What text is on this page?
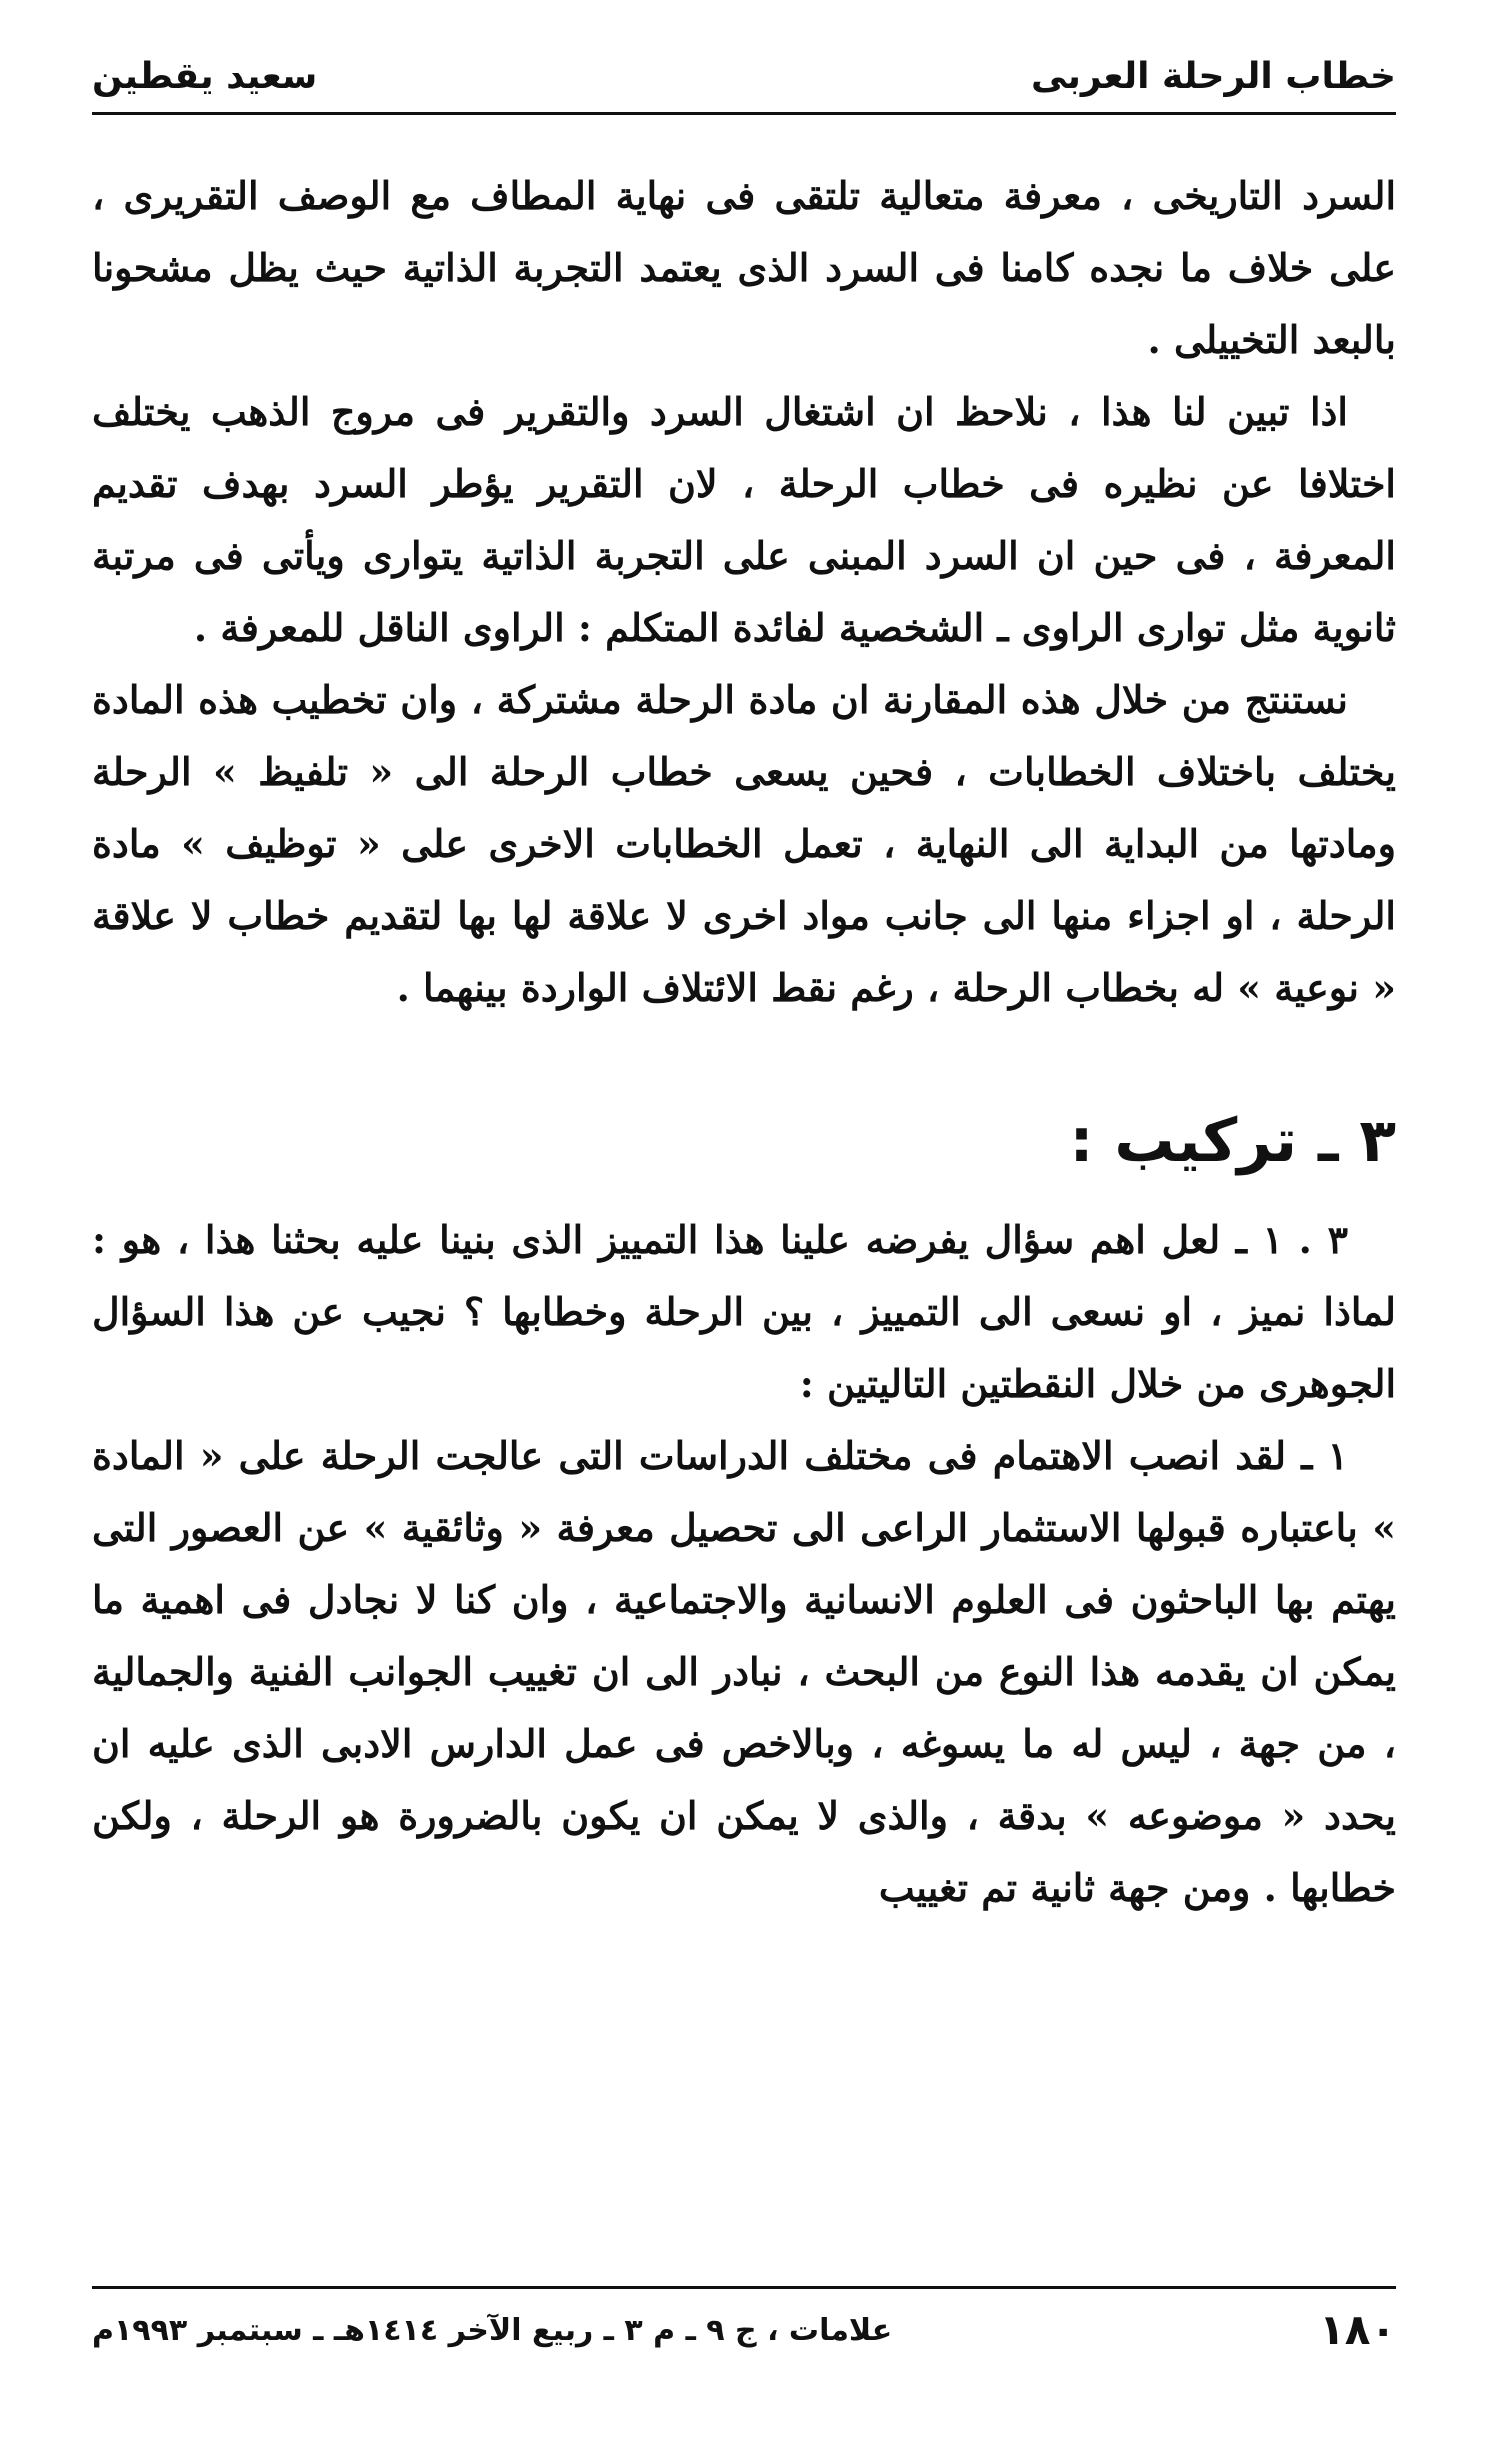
خطاب الرحلة العربى
سعيد يقطين

السرد التاريخى ، معرفة متعالية تلتقى فى نهاية المطاف مع الوصف التقريرى ، على خلاف ما نجده كامنا فى السرد الذى يعتمد التجربة الذاتية حيث يظل مشحونا بالبعد التخييلى .

اذا تبين لنا هذا ، نلاحظ ان اشتغال السرد والتقرير فى مروج الذهب يختلف اختلافا عن نظيره فى خطاب الرحلة ، لان التقرير يؤطر السرد بهدف تقديم المعرفة ، فى حين ان السرد المبنى على التجربة الذاتية يتوارى ويأتى فى مرتبة ثانوية مثل توارى الراوى ـ الشخصية لفائدة المتكلم : الراوى الناقل للمعرفة .

نستنتج من خلال هذه المقارنة ان مادة الرحلة مشتركة ، وان تخطيب هذه المادة يختلف باختلاف الخطابات ، فحين يسعى خطاب الرحلة الى « تلفيظ » الرحلة ومادتها من البداية الى النهاية ، تعمل الخطابات الاخرى على « توظيف » مادة الرحلة ، او اجزاء منها الى جانب مواد اخرى لا علاقة لها بها لتقديم خطاب لا علاقة « نوعية » له بخطاب الرحلة ، رغم نقط الائتلاف الواردة بينهما .

٣ ـ تركيب :

٣ . ١ ـ لعل اهم سؤال يفرضه علينا هذا التمييز الذى بنينا عليه بحثنا هذا ، هو : لماذا نميز ، او نسعى الى التمييز ، بين الرحلة وخطابها ؟ نجيب عن هذا السؤال الجوهرى من خلال النقطتين التاليتين :

١ ـ لقد انصب الاهتمام فى مختلف الدراسات التى عالجت الرحلة على « المادة » باعتباره قبولها الاستثمار الراعى الى تحصيل معرفة « وثائقية » عن العصور التى يهتم بها الباحثون فى العلوم الانسانية والاجتماعية ، وان كنا لا نجادل فى اهمية ما يمكن ان يقدمه هذا النوع من البحث ، نبادر الى ان تغييب الجوانب الفنية والجمالية ، من جهة ، ليس له ما يسوغه ، وبالاخص فى عمل الدارس الادبى الذى عليه ان يحدد « موضوعه » بدقة ، والذى لا يمكن ان يكون بالضرورة هو الرحلة ، ولكن خطابها . ومن جهة ثانية تم تغييب

١٨٠
علامات ، ج ٩ ـ م ٣ ـ ربيع الآخر ١٤١٤هـ ـ سبتمبر ١٩٩٣م
